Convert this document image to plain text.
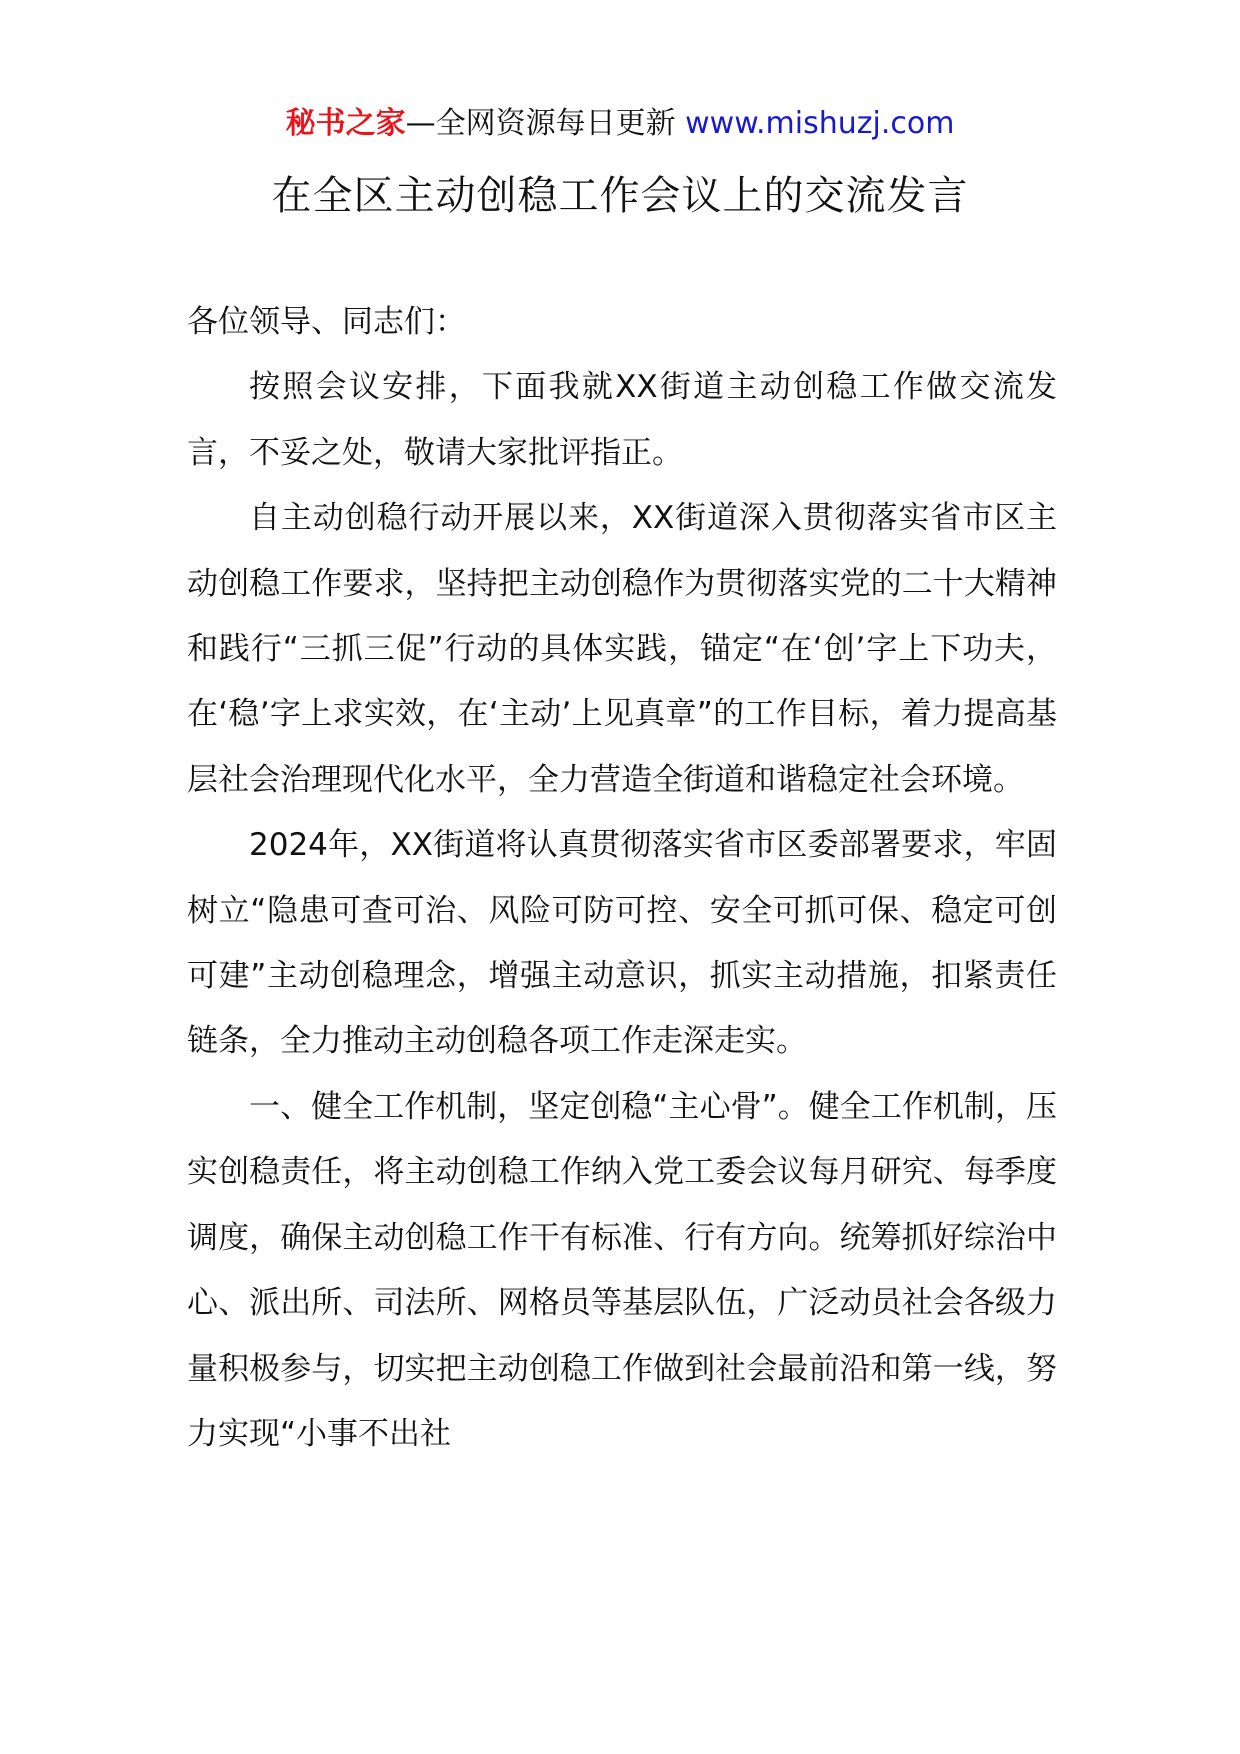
秘书之家—全网资源每日更新 www.mishuzj.com
在全区主动创稳工作会议上的交流发言

各位领导、同志们：

按照会议安排，下面我就XX街道主动创稳工作做交流发言，不妥之处，敬请大家批评指正。

自主动创稳行动开展以来，XX街道深入贯彻落实省市区主动创稳工作要求，坚持把主动创稳作为贯彻落实党的二十大精神和践行“三抓三促”行动的具体实践，锚定“在‘创’字上下功夫，在‘稳’字上求实效，在‘主动’上见真章”的工作目标，着力提高基层社会治理现代化水平，全力营造全街道和谐稳定社会环境。

2024年，XX街道将认真贯彻落实省市区委部署要求，牢固树立“隐患可查可治、风险可防可控、安全可抓可保、稳定可创可建”主动创稳理念，增强主动意识，抓实主动措施，扣紧责任链条，全力推动主动创稳各项工作走深走实。

一、健全工作机制，坚定创稳“主心骨”。健全工作机制，压实创稳责任，将主动创稳工作纳入党工委会议每月研究、每季度调度，确保主动创稳工作干有标准、行有方向。统筹抓好综治中心、派出所、司法所、网格员等基层队伍，广泛动员社会各级力量积极参与，切实把主动创稳工作做到社会最前沿和第一线，努力实现“小事不出社
